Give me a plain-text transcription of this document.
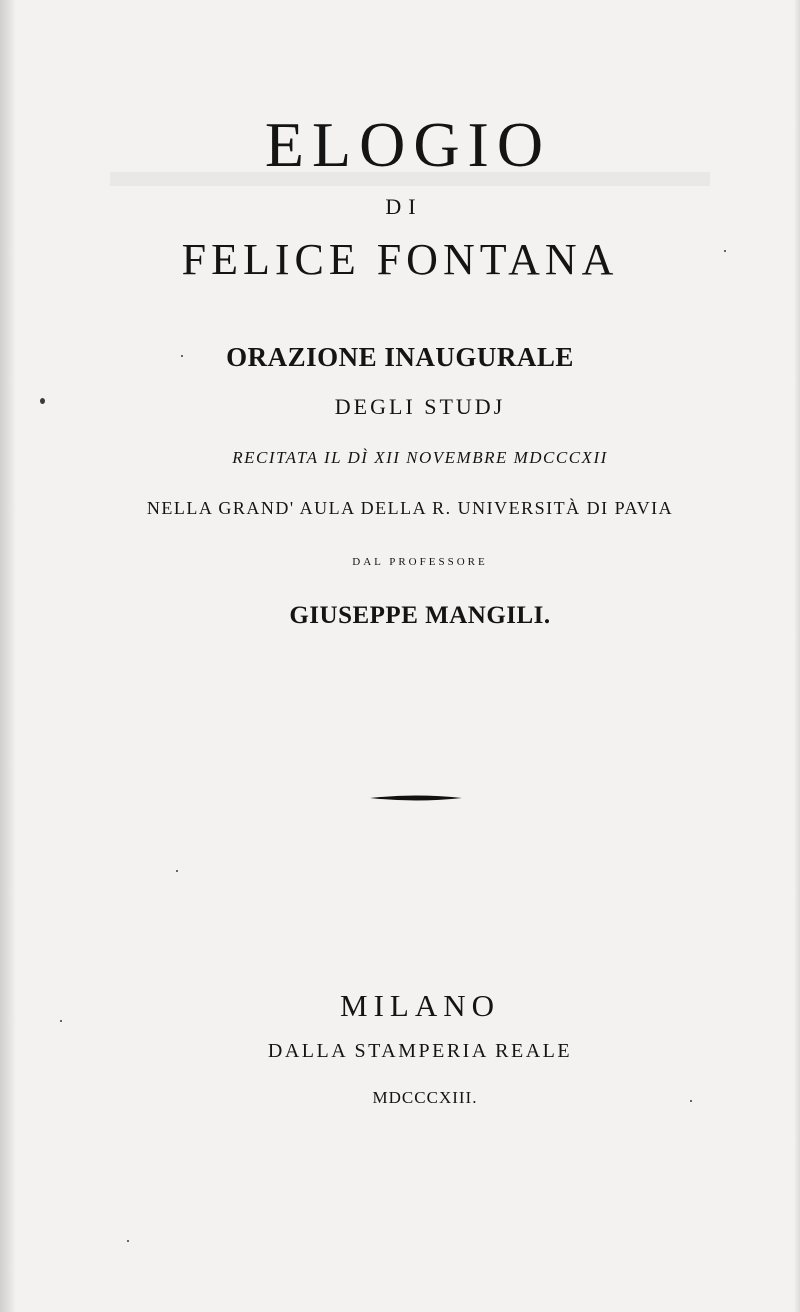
ELOGIO

DI

FELICE FONTANA

ORAZIONE INAUGURALE

DEGLI STUDJ

RECITATA IL DÌ XII NOVEMBRE MDCCCXII

NELLA GRAND' AULA DELLA R. UNIVERSITÀ DI PAVIA

DAL PROFESSORE

GIUSEPPE MANGILI.

MILANO

DALLA STAMPERIA REALE

MDCCCXIII.
